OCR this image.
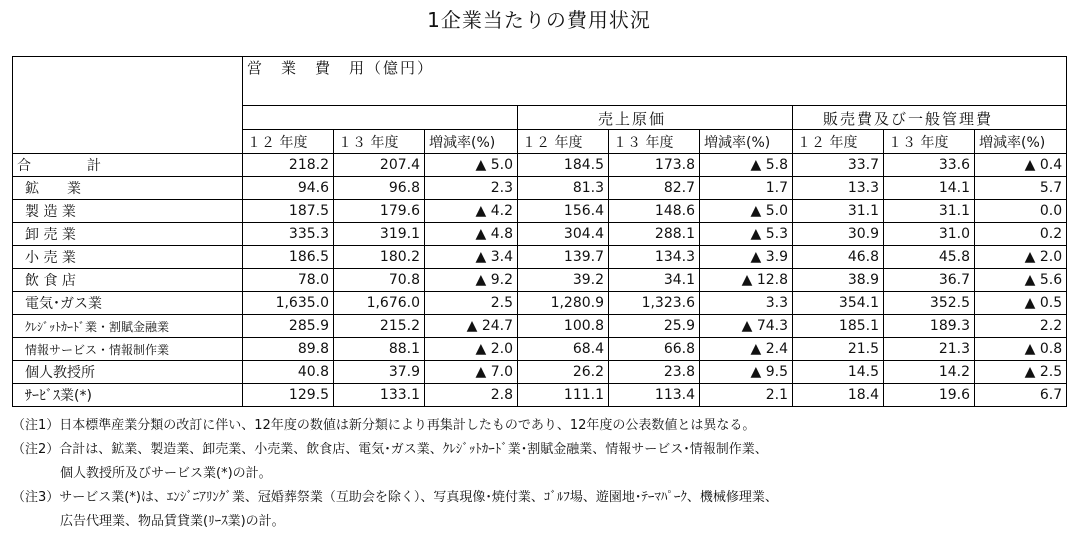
1企業当たりの費用状況
	営　業　費　用（億円）								
				売上原価			販売費及び一般管理費		
	１２ 年度	１３ 年度	増減率(%)	１２ 年度	１３ 年度	増減率(%)	１２ 年度	１３ 年度	増減率(%)
合　　　　計	218.2	207.4	▲ 5.0	184.5	173.8	▲ 5.8	33.7	33.6	▲ 0.4
鉱　　業	94.6	96.8	2.3	81.3	82.7	1.7	13.3	14.1	5.7
製 造 業	187.5	179.6	▲ 4.2	156.4	148.6	▲ 5.0	31.1	31.1	0.0
卸 売 業	335.3	319.1	▲ 4.8	304.4	288.1	▲ 5.3	30.9	31.0	0.2
小 売 業	186.5	180.2	▲ 3.4	139.7	134.3	▲ 3.9	46.8	45.8	▲ 2.0
飲 食 店	78.0	70.8	▲ 9.2	39.2	34.1	▲ 12.8	38.9	36.7	▲ 5.6
電気･ガス業	1,635.0	1,676.0	2.5	1,280.9	1,323.6	3.3	354.1	352.5	▲ 0.5
ｸﾚｼﾞｯﾄｶｰﾄﾞ業・割賦金融業	285.9	215.2	▲ 24.7	100.8	25.9	▲ 74.3	185.1	189.3	2.2
情報サービス・情報制作業	89.8	88.1	▲ 2.0	68.4	66.8	▲ 2.4	21.5	21.3	▲ 0.8
個人教授所	40.8	37.9	▲ 7.0	26.2	23.8	▲ 9.5	14.5	14.2	▲ 2.5
ｻｰﾋﾞｽ業(*)	129.5	133.1	2.8	111.1	113.4	2.1	18.4	19.6	6.7
（注1）日本標準産業分類の改訂に伴い、12年度の数値は新分類により再集計したものであり、12年度の公表数値とは異なる。
（注2）合計は、鉱業、製造業、卸売業、小売業、飲食店、電気･ガス業、ｸﾚｼﾞｯﾄｶｰﾄﾞ業･割賦金融業、情報サービス･情報制作業、
個人教授所及びサービス業(*)の計。
（注3）サービス業(*)は、ｴﾝｼﾞﾆｱﾘﾝｸﾞ業、冠婚葬祭業（互助会を除く）、写真現像･焼付業、ｺﾞﾙﾌ場、遊園地･ﾃｰﾏﾊﾟｰｸ、機械修理業、
広告代理業、物品賃貸業(ﾘｰｽ業)の計。
